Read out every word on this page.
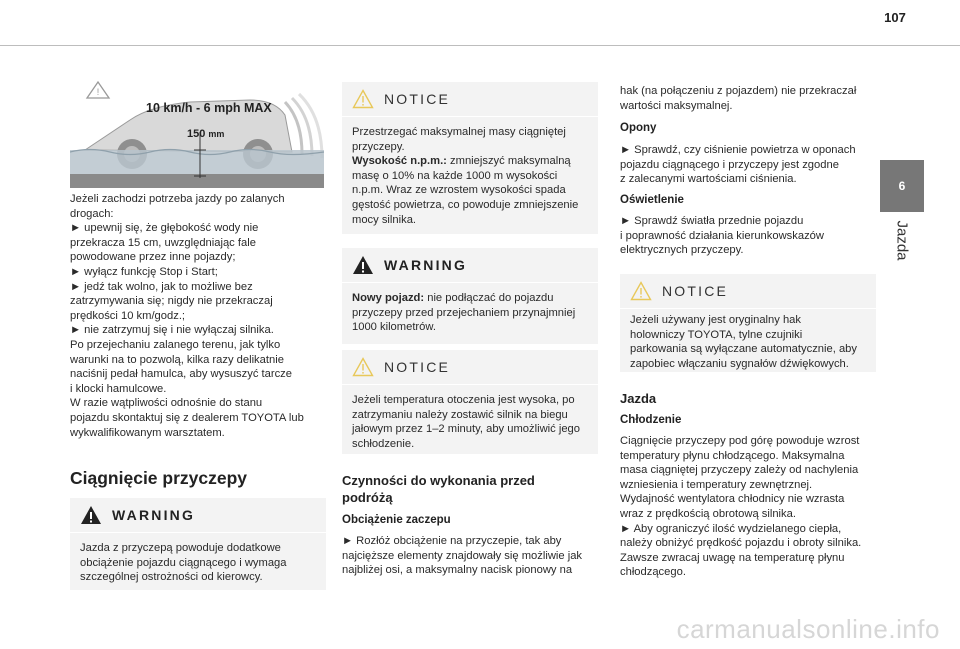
107
6
Jazda
!
10 km/h - 6 mph MAX
150 mm
Jeżeli zachodzi potrzeba jazdy po zalanych
drogach:
► upewnij się, że głębokość wody nie
przekracza 15 cm, uwzględniając fale
powodowane przez inne pojazdy;
► wyłącz funkcję Stop i Start;
► jedź tak wolno, jak to możliwe bez
zatrzymywania się; nigdy nie przekraczaj
prędkości 10 km/godz.;
► nie zatrzymuj się i nie wyłączaj silnika.
Po przejechaniu zalanego terenu, jak tylko
warunki na to pozwolą, kilka razy delikatnie
naciśnij pedał hamulca, aby wysuszyć tarcze
i klocki hamulcowe.
W razie wątpliwości odnośnie do stanu
pojazdu skontaktuj się z dealerem TOYOTA lub
wykwalifikowanym warsztatem.
Ciągnięcie przyczepy
WARNING
Jazda z przyczepą powoduje dodatkowe
obciążenie pojazdu ciągnącego i wymaga
szczególnej ostrożności od kierowcy.
NOTICE
Przestrzegać maksymalnej masy ciągniętej
przyczepy.
Wysokość n.p.m.: zmniejszyć maksymalną
masę o 10% na każde 1000 m wysokości
n.p.m. Wraz ze wzrostem wysokości spada
gęstość powietrza, co powoduje zmniejszenie
mocy silnika.
WARNING
Nowy pojazd: nie podłączać do pojazdu
przyczepy przed przejechaniem przynajmniej
1000 kilometrów.
NOTICE
Jeżeli temperatura otoczenia jest wysoka, po
zatrzymaniu należy zostawić silnik na biegu
jałowym przez 1–2 minuty, aby umożliwić jego
schłodzenie.
Czynności do wykonania przed
podróżą
Obciążenie zaczepu
► Rozłóż obciążenie na przyczepie, tak aby
najcięższe elementy znajdowały się możliwie jak
najbliżej osi, a maksymalny nacisk pionowy na
hak (na połączeniu z pojazdem) nie przekraczał
wartości maksymalnej.
Opony
► Sprawdź, czy ciśnienie powietrza w oponach
pojazdu ciągnącego i przyczepy jest zgodne
z zalecanymi wartościami ciśnienia.
Oświetlenie
► Sprawdź światła przednie pojazdu
i poprawność działania kierunkowskazów
elektrycznych przyczepy.
NOTICE
Jeżeli używany jest oryginalny hak
holowniczy TOYOTA, tylne czujniki
parkowania są wyłączane automatycznie, aby
zapobiec włączaniu sygnałów dźwiękowych.
Jazda
Chłodzenie
Ciągnięcie przyczepy pod górę powoduje wzrost
temperatury płynu chłodzącego. Maksymalna
masa ciągniętej przyczepy zależy od nachylenia
wzniesienia i temperatury zewnętrznej.
Wydajność wentylatora chłodnicy nie wzrasta
wraz z prędkością obrotową silnika.
► Aby ograniczyć ilość wydzielanego ciepła,
należy obniżyć prędkość pojazdu i obroty silnika.
Zawsze zwracaj uwagę na temperaturę płynu
chłodzącego.
carmanualsonline.info
